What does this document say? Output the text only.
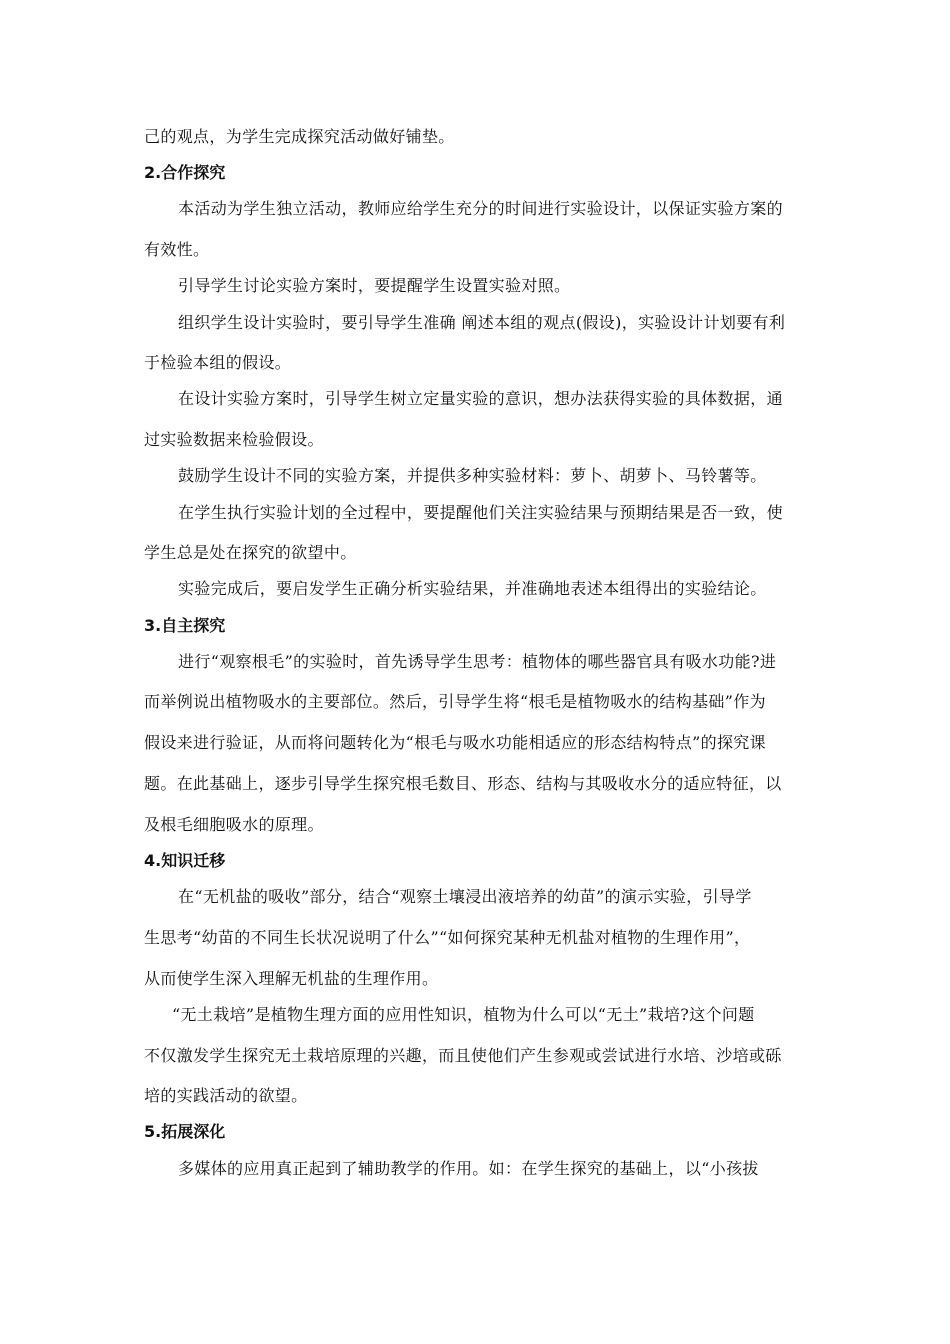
己的观点，为学生完成探究活动做好铺垫。
2.合作探究
本活动为学生独立活动，教师应给学生充分的时间进行实验设计，以保证实验方案的
有效性。
引导学生讨论实验方案时，要提醒学生设置实验对照。
组织学生设计实验时，要引导学生准确 阐述本组的观点(假设)，实验设计计划要有利
于检验本组的假设。
在设计实验方案时，引导学生树立定量实验的意识，想办法获得实验的具体数据，通
过实验数据来检验假设。
鼓励学生设计不同的实验方案，并提供多种实验材料：萝卜、胡萝卜、马铃薯等。
在学生执行实验计划的全过程中，要提醒他们关注实验结果与预期结果是否一致，使
学生总是处在探究的欲望中。
实验完成后，要启发学生正确分析实验结果，并准确地表述本组得出的实验结论。
3.自主探究
进行“观察根毛”的实验时，首先诱导学生思考：植物体的哪些器官具有吸水功能?进
而举例说出植物吸水的主要部位。然后，引导学生将“根毛是植物吸水的结构基础”作为
假设来进行验证，从而将问题转化为“根毛与吸水功能相适应的形态结构特点”的探究课
题。在此基础上，逐步引导学生探究根毛数目、形态、结构与其吸收水分的适应特征，以
及根毛细胞吸水的原理。
4.知识迁移
在“无机盐的吸收”部分，结合“观察土壤浸出液培养的幼苗”的演示实验，引导学
生思考“幼苗的不同生长状况说明了什么”“如何探究某种无机盐对植物的生理作用”，
从而使学生深入理解无机盐的生理作用。
“无土栽培”是植物生理方面的应用性知识，植物为什么可以“无土”栽培?这个问题
不仅激发学生探究无土栽培原理的兴趣，而且使他们产生参观或尝试进行水培、沙培或砾
培的实践活动的欲望。
5.拓展深化
多媒体的应用真正起到了辅助教学的作用。如：在学生探究的基础上，以“小孩拔
